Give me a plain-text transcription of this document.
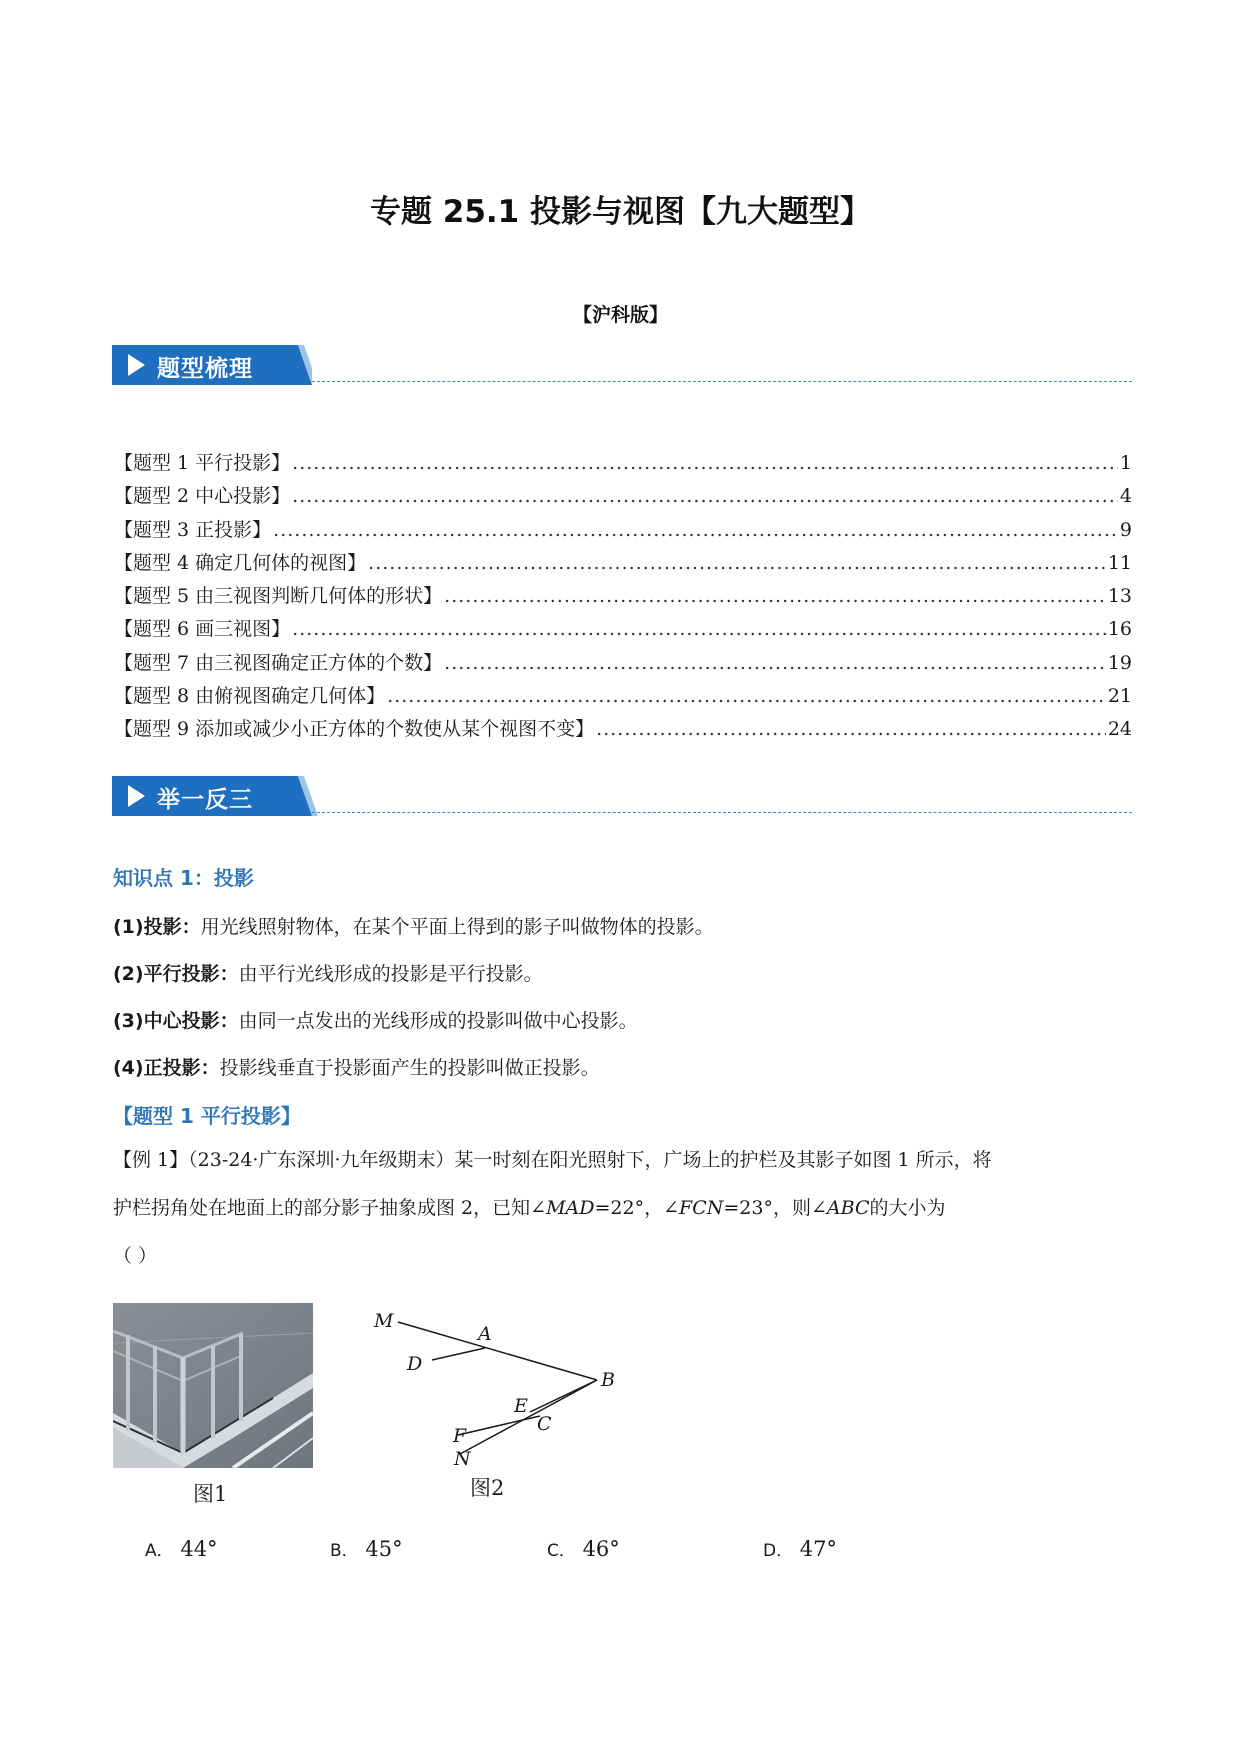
专题 25.1 投影与视图【九大题型】
【沪科版】
题型梳理
【题型 1 平行投影】 .....	1
【题型 2 中心投影】 .....	4
【题型 3 正投影】 .....	9
【题型 4 确定几何体的视图】 .....	11
【题型 5 由三视图判断几何体的形状】 .....	13
【题型 6 画三视图】 .....	16
【题型 7 由三视图确定正方体的个数】 .....	19
【题型 8 由俯视图确定几何体】 .....	21
【题型 9 添加或减少小正方体的个数使从某个视图不变】 .....	24
举一反三
知识点 1：投影
(1)投影：用光线照射物体，在某个平面上得到的影子叫做物体的投影。
(2)平行投影：由平行光线形成的投影是平行投影。
(3)中心投影：由同一点发出的光线形成的投影叫做中心投影。
(4)正投影：投影线垂直于投影面产生的投影叫做正投影。
【题型 1 平行投影】
【例 1】（23-24·广东深圳·九年级期末）某一时刻在阳光照射下，广场上的护栏及其影子如图 1 所示，将
护栏拐角处在地面上的部分影子抽象成图 2，已知∠MAD=22°，∠FCN=23°，则∠ABC的大小为
（ ）
图1
M
A
D
E
B
F
C
N
图2
A． 44°	B． 45°	C． 46°	D． 47°
